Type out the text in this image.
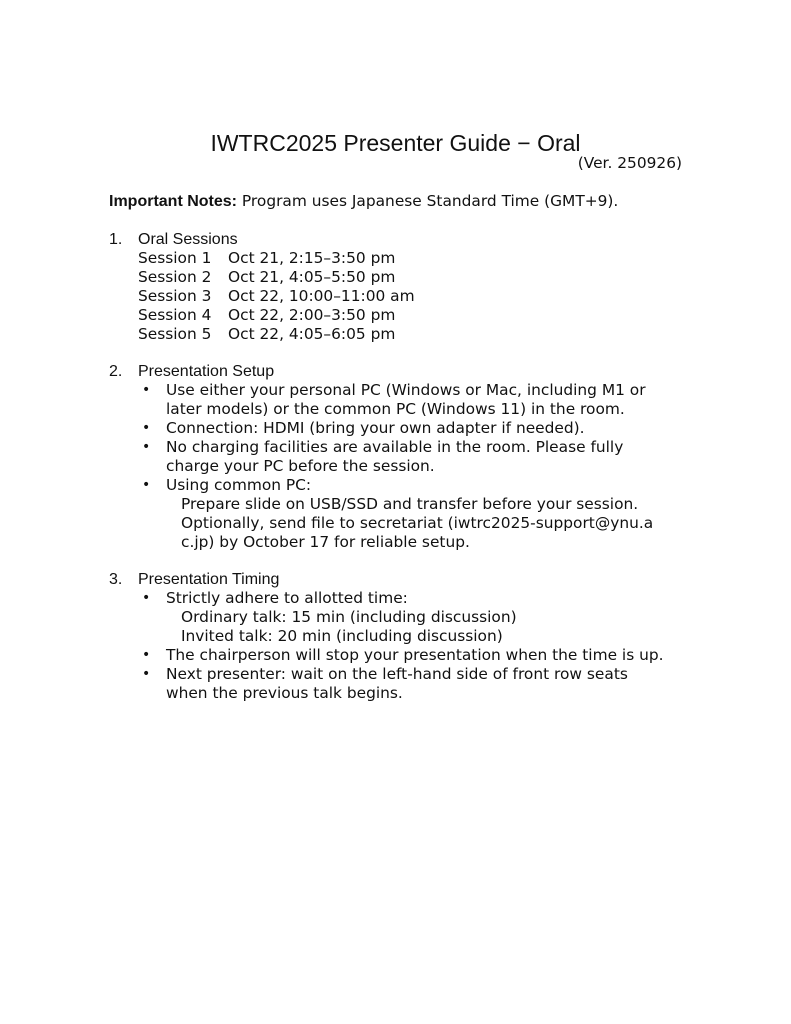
IWTRC2025 Presenter Guide − Oral
(Ver. 250926)
Important Notes: Program uses Japanese Standard Time (GMT+9).
1. Oral Sessions
Session 1 Oct 21, 2:15–3:50 pm
Session 2 Oct 21, 4:05–5:50 pm
Session 3 Oct 22, 10:00–11:00 am
Session 4 Oct 22, 2:00–3:50 pm
Session 5 Oct 22, 4:05–6:05 pm
2. Presentation Setup
• Use either your personal PC (Windows or Mac, including M1 or
later models) or the common PC (Windows 11) in the room.
• Connection: HDMI (bring your own adapter if needed).
• No charging facilities are available in the room. Please fully
charge your PC before the session.
• Using common PC:
Prepare slide on USB/SSD and transfer before your session.
Optionally, send file to secretariat (iwtrc2025-support@ynu.a
c.jp) by October 17 for reliable setup.
3. Presentation Timing
• Strictly adhere to allotted time:
Ordinary talk: 15 min (including discussion)
Invited talk: 20 min (including discussion)
• The chairperson will stop your presentation when the time is up.
• Next presenter: wait on the left-hand side of front row seats
when the previous talk begins.
